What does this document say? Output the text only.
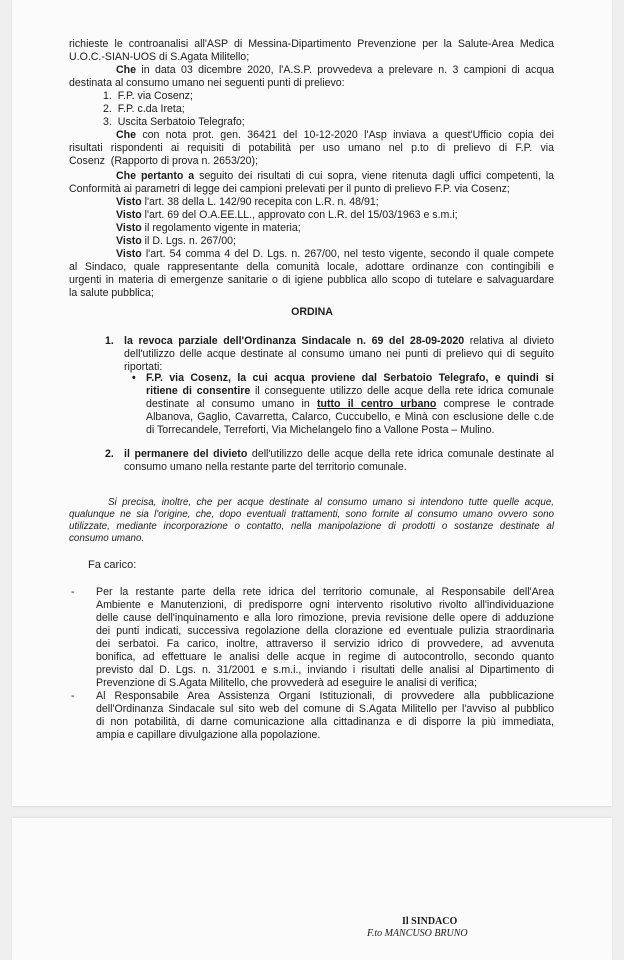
richieste le controanalisi all'ASP di Messina-Dipartimento Prevenzione per la Salute-Area Medica
U.O.C.-SIAN-UOS di S.Agata Militello;
Che in data 03 dicembre 2020, l'A.S.P. provvedeva a prelevare n. 3 campioni di acqua
destinata al consumo umano nei seguenti punti di prelievo:
1.  F.P. via Cosenz;
2.  F.P. c.da Ireta;
3.  Uscita Serbatoio Telegrafo;
Che con nota prot. gen. 36421 del 10-12-2020 l'Asp inviava a quest'Ufficio copia dei
risultati rispondenti ai requisiti di potabilità per uso umano nel p.to di prelievo di F.P. via
Cosenz  (Rapporto di prova n. 2653/20);
Che pertanto a seguito dei risultati di cui sopra, viene ritenuta dagli uffici competenti, la
Conformità ai parametri di legge dei campioni prelevati per il punto di prelievo F.P. via Cosenz;
Visto l'art. 38 della L. 142/90 recepita con L.R. n. 48/91;
Visto l'art. 69 del O.A.EE.LL., approvato con L.R. del 15/03/1963 e s.m.i;
Visto il regolamento vigente in materia;
Visto il D. Lgs. n. 267/00;
Visto l'art. 54 comma 4 del D. Lgs. n. 267/00, nel testo vigente, secondo il quale compete
al Sindaco, quale rappresentante della comunità locale, adottare ordinanze con contingibili e
urgenti in materia di emergenze sanitarie o di igiene pubblica allo scopo di tutelare e salvaguardare
la salute pubblica;
ORDINA
1. la revoca parziale dell'Ordinanza Sindacale n. 69 del 28-09-2020 relativa al divieto
dell'utilizzo delle acque destinate al consumo umano nei punti di prelievo qui di seguito
riportati:
• F.P. via Cosenz, la cui acqua proviene dal Serbatoio Telegrafo, e quindi si
ritiene di consentire il conseguente utilizzo delle acque della rete idrica comunale
destinate al consumo umano in tutto il centro urbano comprese le contrade
Albanova, Gaglio, Cavarretta, Calarco, Cuccubello, e Minà con esclusione delle c.de
di Torrecandele, Terreforti, Via Michelangelo fino a Vallone Posta – Mulino.
2. il permanere del divieto dell'utilizzo delle acque della rete idrica comunale destinate al
consumo umano nella restante parte del territorio comunale.
Si precisa, inoltre, che per acque destinate al consumo umano si intendono tutte quelle acque,
qualunque ne sia l'origine, che, dopo eventuali trattamenti, sono fornite al consumo umano ovvero sono
utilizzate, mediante incorporazione o contatto, nella manipolazione di prodotti o sostanze destinate al
consumo umano.
Fa carico:
- Per la restante parte della rete idrica del territorio comunale, al Responsabile dell'Area
Ambiente e Manutenzioni, di predisporre ogni intervento risolutivo rivolto all'individuazione
delle cause dell'inquinamento e alla loro rimozione, previa revisione delle opere di adduzione
dei punti indicati, successiva regolazione della clorazione ed eventuale pulizia straordinaria
dei serbatoi. Fa carico, inoltre, attraverso il servizio idrico di provvedere, ad avvenuta
bonifica, ad effettuare le analisi delle acque in regime di autocontrollo, secondo quanto
previsto dal D. Lgs. n. 31/2001 e s.m.i., inviando i risultati delle analisi al Dipartimento di
Prevenzione di S.Agata Militello, che provvederà ad eseguire le analisi di verifica;
- Al Responsabile Area Assistenza Organi Istituzionali, di provvedere alla pubblicazione
dell'Ordinanza Sindacale sul sito web del comune di S.Agata Militello per l'avviso al pubblico
di non potabilità, di darne comunicazione alla cittadinanza e di disporre la più immediata,
ampia e capillare divulgazione alla popolazione.
Il SINDACO
F.to MANCUSO BRUNO
